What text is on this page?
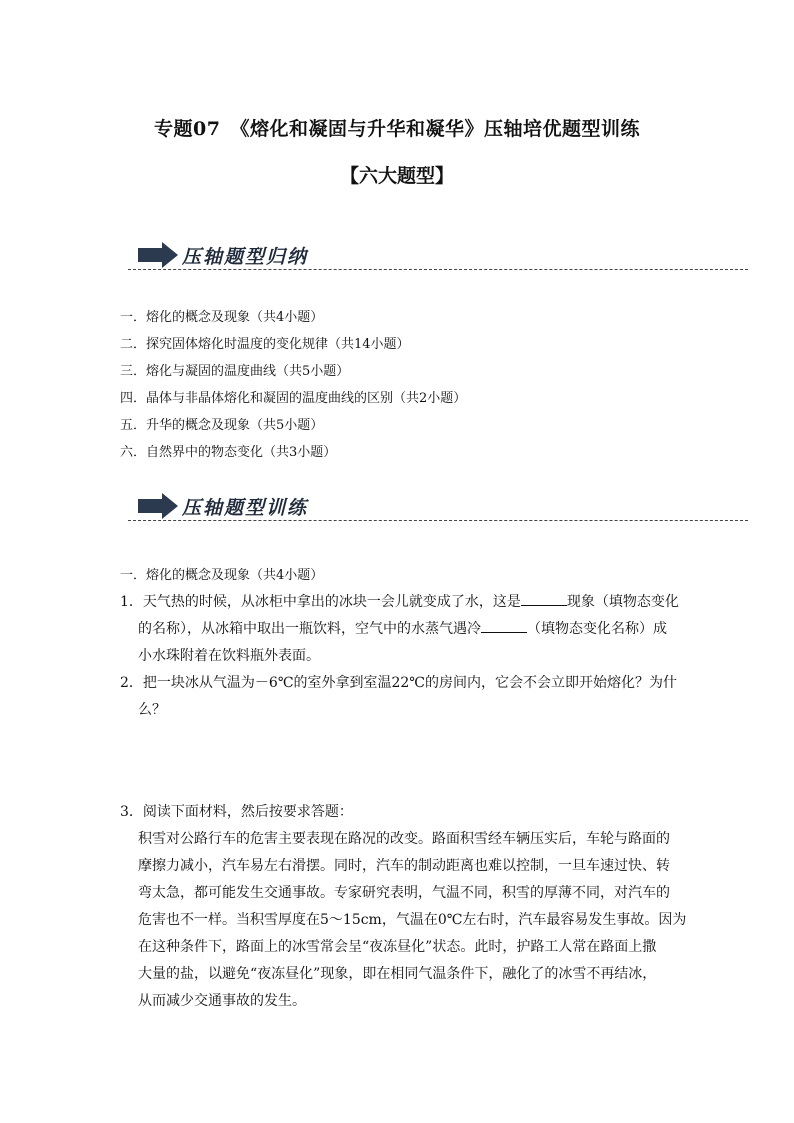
专题07　《熔化和凝固与升华和凝华》压轴培优题型训练
【六大题型】
压轴题型归纳
一．熔化的概念及现象（共4小题）
二．探究固体熔化时温度的变化规律（共14小题）
三．熔化与凝固的温度曲线（共5小题）
四．晶体与非晶体熔化和凝固的温度曲线的区别（共2小题）
五．升华的概念及现象（共5小题）
六．自然界中的物态变化（共3小题）
压轴题型训练
一．熔化的概念及现象（共4小题）
1．天气热的时候，从冰柜中拿出的冰块一会儿就变成了水，这是	现象（填物态变化
的名称），从冰箱中取出一瓶饮料，空气中的水蒸气遇冷	（填物态变化名称）成
小水珠附着在饮料瓶外表面。
2．把一块冰从气温为－6℃的室外拿到室温22℃的房间内，它会不会立即开始熔化？为什
么？
3．阅读下面材料，然后按要求答题：
积雪对公路行车的危害主要表现在路况的改变。路面积雪经车辆压实后，车轮与路面的
摩擦力减小，汽车易左右滑摆。同时，汽车的制动距离也难以控制，一旦车速过快、转
弯太急，都可能发生交通事故。专家研究表明，气温不同，积雪的厚薄不同，对汽车的
危害也不一样。当积雪厚度在5～15cm，气温在0℃左右时，汽车最容易发生事故。因为
在这种条件下，路面上的冰雪常会呈“夜冻昼化”状态。此时，护路工人常在路面上撒
大量的盐，以避免“夜冻昼化”现象，即在相同气温条件下，融化了的冰雪不再结冰，
从而减少交通事故的发生。
